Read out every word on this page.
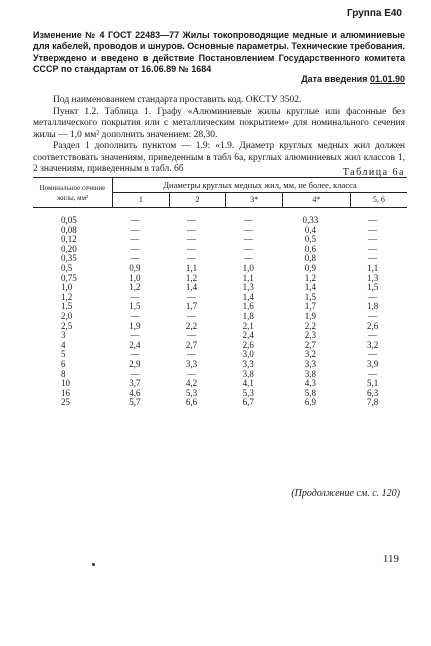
Группа Е40
Изменение № 4 ГОСТ 22483—77 Жилы токопроводящие медные и алюминиевые для кабелей, проводов и шнуров. Основные параметры. Технические требования.
Утверждено и введено в действие Постановлением Государственного комитета СССР по стандартам от 16.06.89 № 1684
Дата введения 01.01.90

Под наименованием стандарта проставить код. ОКСТУ 3502.

Пункт 1.2. Таблица 1. Графу «Алюминиевые жилы круглые или фасонные без металлического покрытия или с металлическим покрытием» для номинального сечения жилы — 1,0 мм² дополнить значением: 28,30.

Раздел 1 дополнить пунктом — 1.9: «1.9. Диаметр круглых медных жил должен соответствовать значениям, приведенным в табл 6а, круглых алюминиевых жил классов 1, 2 значениям, приведенным в табл. 6б	Таблица 6а
Номинальное сечение жилы, мм²	Диаметры круглых медных жил, мм, не более, класса				
	1	2	3*	4*	5, 6
0,05	—	—	—	0,33	—
0,08	—	—	—	0,4	—
0,12	—	—	—	0,5	—
0,20	—	—	—	0,6	—
0,35	—	—	—	0,8	—
0,5	0,9	1,1	1,0	0,9	1,1
0,75	1,0	1,2	1,1	1,2	1,3
1,0	1,2	1,4	1,3	1,4	1,5
1,2	—	—	1,4	1,5	—
1,5	1,5	1,7	1,6	1,7	1,8
2,0	—	—	1,8	1,9	—
2,5	1,9	2,2	2,1	2,2	2,6
3	—	—	2,4	2,3	—
4	2,4	2,7	2,6	2,7	3,2
5	—	—	3,0	3,2	—
6	2,9	3,3	3,3	3,3	3,9
8	—	—	3,8	3,8	—
10	3,7	4,2	4,1	4,3	5,1
16	4,6	5,3	5,3	5,8	6,3
25	5,7	6,6	6,7	6,9	7,8
(Продолжение см. с. 120)
119
